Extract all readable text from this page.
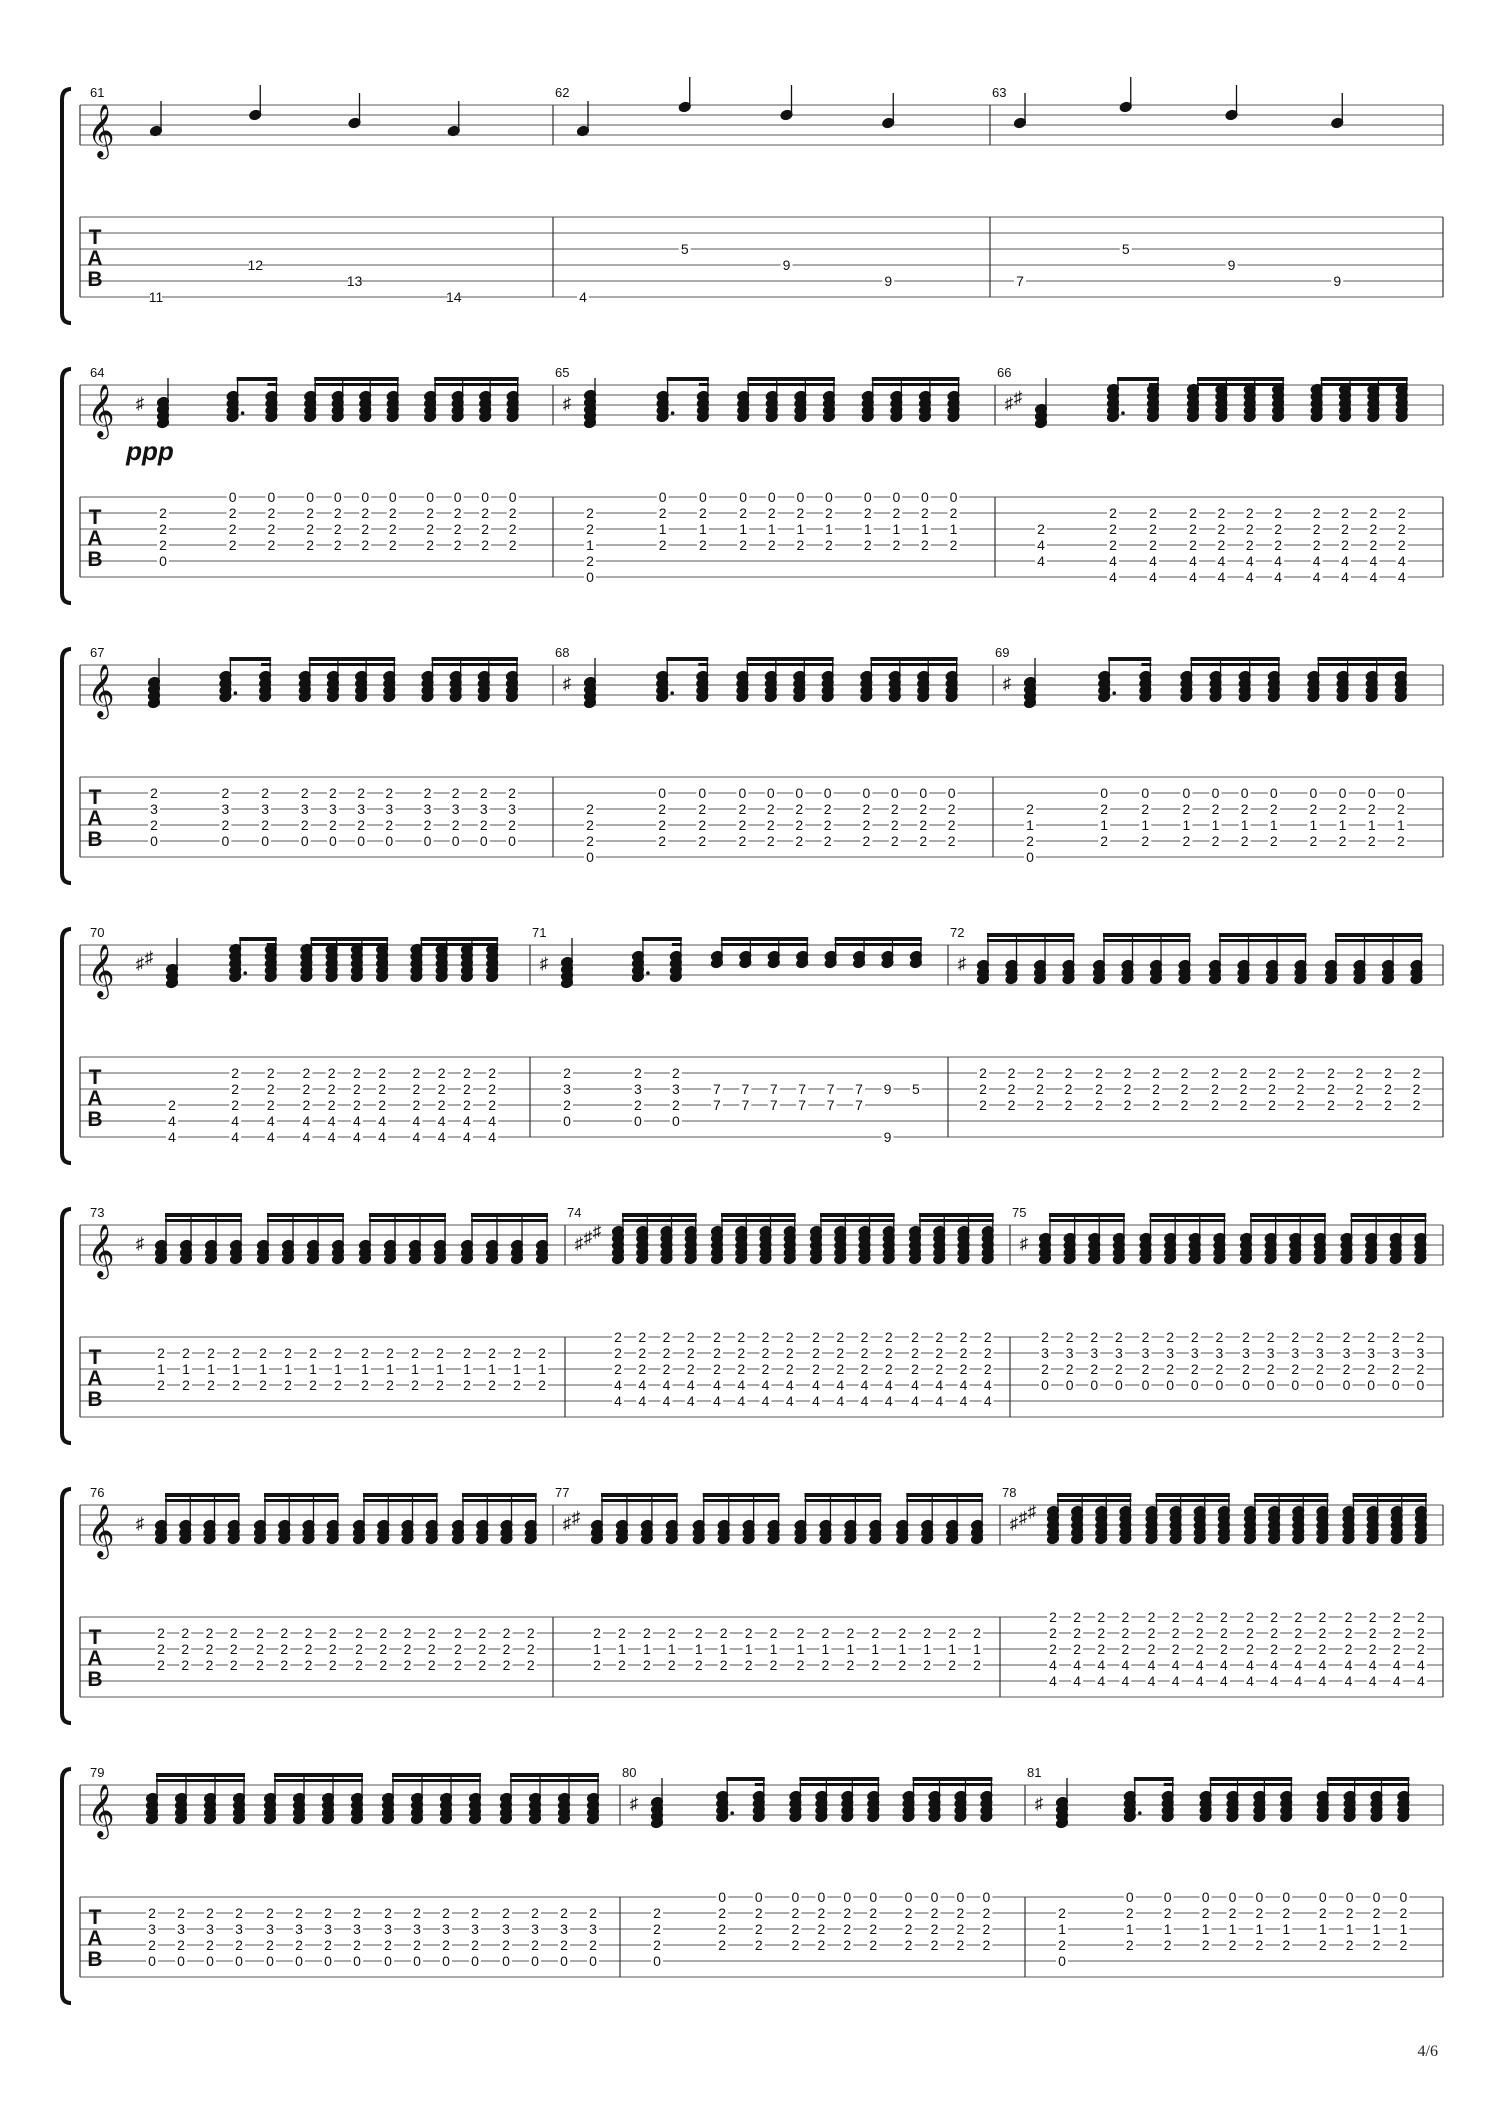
𝄞
T
A
B
61
11
12
13
14
62
4
5
9
9
63
7
5
9
9
𝄞
T
A
B
64
♯
2
2
2
0
0
2
2
2
0
2
2
2
0
2
2
2
0
2
2
2
0
2
2
2
0
2
2
2
0
2
2
2
0
2
2
2
0
2
2
2
0
2
2
2
65
♯
2
2
1
2
0
0
2
1
2
0
2
1
2
0
2
1
2
0
2
1
2
0
2
1
2
0
2
1
2
0
2
1
2
0
2
1
2
0
2
1
2
0
2
1
2
66
♯ ♯
2
4
4
2
2
2
4
4
2
2
2
4
4
2
2
2
4
4
2
2
2
4
4
2
2
2
4
4
2
2
2
4
4
2
2
2
4
4
2
2
2
4
4
2
2
2
4
4
2
2
2
4
4
𝄞
T
A
B
67
2
3
2
0
2
3
2
0
2
3
2
0
2
3
2
0
2
3
2
0
2
3
2
0
2
3
2
0
2
3
2
0
2
3
2
0
2
3
2
0
2
3
2
0
68
♯
2
2
2
0
0
2
2
2
0
2
2
2
0
2
2
2
0
2
2
2
0
2
2
2
0
2
2
2
0
2
2
2
0
2
2
2
0
2
2
2
0
2
2
2
69
♯
2
1
2
0
0
2
1
2
0
2
1
2
0
2
1
2
0
2
1
2
0
2
1
2
0
2
1
2
0
2
1
2
0
2
1
2
0
2
1
2
0
2
1
2
𝄞
T
A
B
70
♯ ♯
2
4
4
2
2
2
4
4
2
2
2
4
4
2
2
2
4
4
2
2
2
4
4
2
2
2
4
4
2
2
2
4
4
2
2
2
4
4
2
2
2
4
4
2
2
2
4
4
2
2
2
4
4
71
♯
2
3
2
0
2
3
2
0
2
3
2
0
7
7
7
7
7
7
7
7
7
7
7
7
9
9
5
72
♯
2
2
2
2
2
2
2
2
2
2
2
2
2
2
2
2
2
2
2
2
2
2
2
2
2
2
2
2
2
2
2
2
2
2
2
2
2
2
2
2
2
2
2
2
2
2
2
2
𝄞
T
A
B
73
♯
2
1
2
2
1
2
2
1
2
2
1
2
2
1
2
2
1
2
2
1
2
2
1
2
2
1
2
2
1
2
2
1
2
2
1
2
2
1
2
2
1
2
2
1
2
2
1
2
74
♯ ♯ ♯
2
2
2
4
4
2
2
2
4
4
2
2
2
4
4
2
2
2
4
4
2
2
2
4
4
2
2
2
4
4
2
2
2
4
4
2
2
2
4
4
2
2
2
4
4
2
2
2
4
4
2
2
2
4
4
2
2
2
4
4
2
2
2
4
4
2
2
2
4
4
2
2
2
4
4
2
2
2
4
4
75
♯
2
3
2
0
2
3
2
0
2
3
2
0
2
3
2
0
2
3
2
0
2
3
2
0
2
3
2
0
2
3
2
0
2
3
2
0
2
3
2
0
2
3
2
0
2
3
2
0
2
3
2
0
2
3
2
0
2
3
2
0
2
3
2
0
𝄞
T
A
B
76
♯
2
2
2
2
2
2
2
2
2
2
2
2
2
2
2
2
2
2
2
2
2
2
2
2
2
2
2
2
2
2
2
2
2
2
2
2
2
2
2
2
2
2
2
2
2
2
2
2
77
♯ ♯
2
1
2
2
1
2
2
1
2
2
1
2
2
1
2
2
1
2
2
1
2
2
1
2
2
1
2
2
1
2
2
1
2
2
1
2
2
1
2
2
1
2
2
1
2
2
1
2
78
♯ ♯ ♯
2
2
2
4
4
2
2
2
4
4
2
2
2
4
4
2
2
2
4
4
2
2
2
4
4
2
2
2
4
4
2
2
2
4
4
2
2
2
4
4
2
2
2
4
4
2
2
2
4
4
2
2
2
4
4
2
2
2
4
4
2
2
2
4
4
2
2
2
4
4
2
2
2
4
4
2
2
2
4
4
𝄞
T
A
B
79
2
3
2
0
2
3
2
0
2
3
2
0
2
3
2
0
2
3
2
0
2
3
2
0
2
3
2
0
2
3
2
0
2
3
2
0
2
3
2
0
2
3
2
0
2
3
2
0
2
3
2
0
2
3
2
0
2
3
2
0
2
3
2
0
80
♯
2
2
2
0
0
2
2
2
0
2
2
2
0
2
2
2
0
2
2
2
0
2
2
2
0
2
2
2
0
2
2
2
0
2
2
2
0
2
2
2
0
2
2
2
81
♯
2
1
2
0
0
2
1
2
0
2
1
2
0
2
1
2
0
2
1
2
0
2
1
2
0
2
1
2
0
2
1
2
0
2
1
2
0
2
1
2
0
2
1
2
ppp
4/6
